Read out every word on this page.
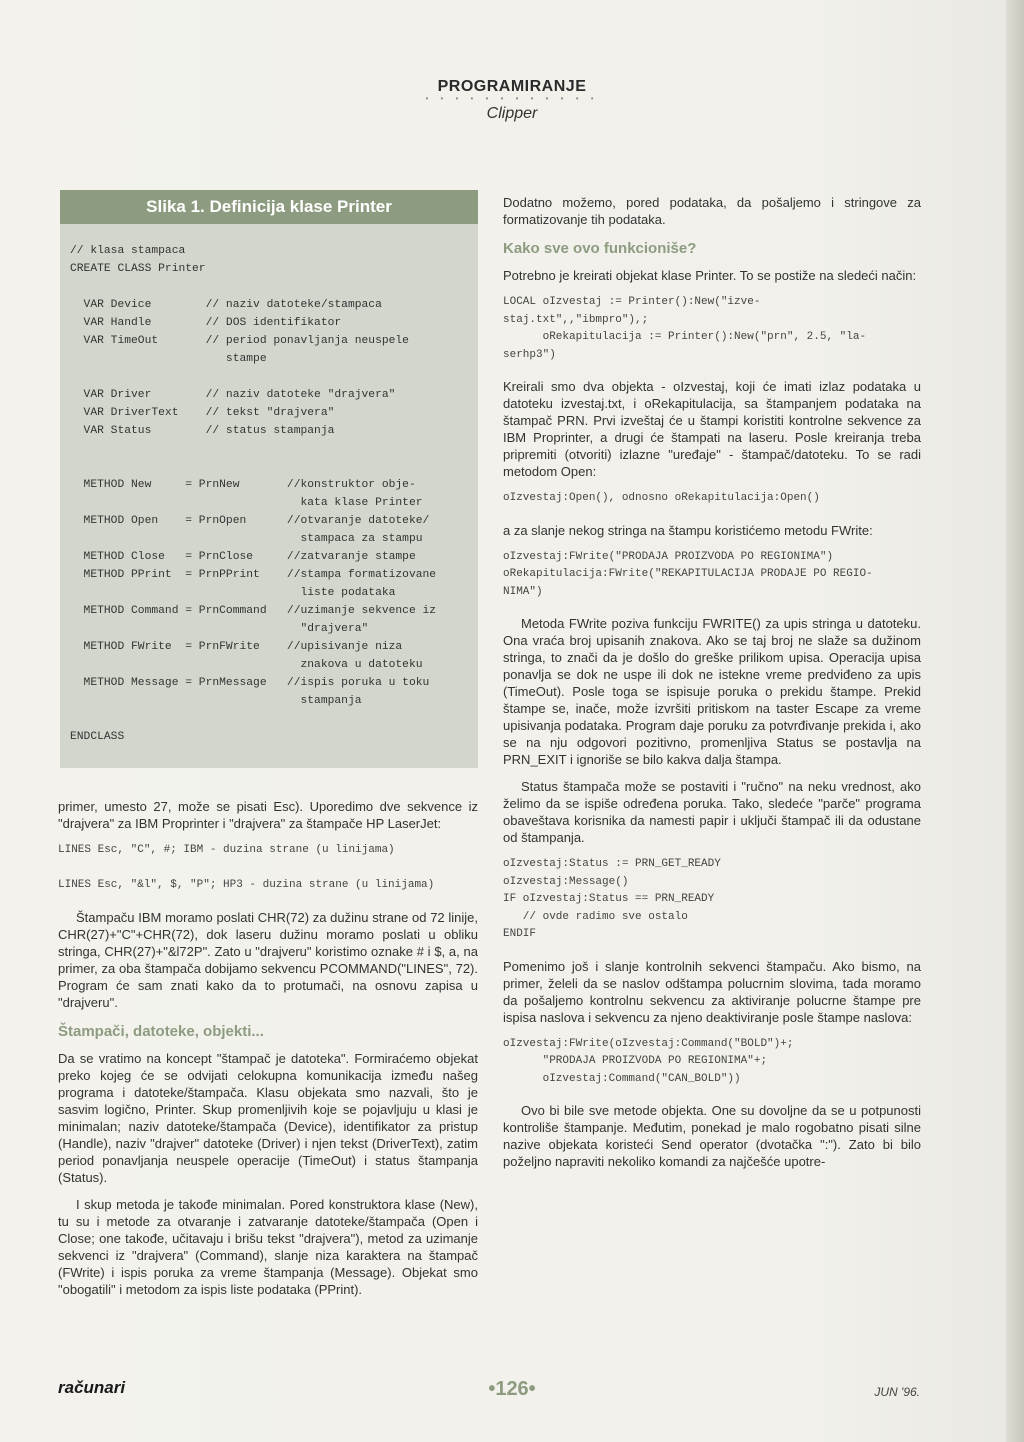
PROGRAMIRANJE
• • • • • • • • • • • •
Clipper
Slika 1. Definicija klase Printer
// klasa stampaca
CREATE CLASS Printer

VAR Device        // naziv datoteke/stampaca
VAR Handle        // DOS identifikator
VAR TimeOut       // period ponavljanja neuspele
stampe

VAR Driver        // naziv datoteke "drajvera"
VAR DriverText    // tekst "drajvera"
VAR Status        // status stampanja

METHOD New     = PrnNew       //konstruktor obje-
kata klase Printer
METHOD Open    = PrnOpen      //otvaranje datoteke/
stampaca za stampu
METHOD Close   = PrnClose     //zatvaranje stampe
METHOD PPrint  = PrnPPrint    //stampa formatizovane
liste podataka
METHOD Command = PrnCommand   //uzimanje sekvence iz
"drajvera"
METHOD FWrite  = PrnFWrite    //upisivanje niza
znakova u datoteku
METHOD Message = PrnMessage   //ispis poruka u toku
stampanja

ENDCLASS

primer, umesto 27, može se pisati Esc). Uporedimo dve sekvence iz "drajvera" za IBM Proprinter i "drajvera" za štampače HP LaserJet:

LINES Esc, "C", #; IBM - duzina strane (u linijama)

LINES Esc, "&l", $, "P"; HP3 - duzina strane (u linijama)

Štampaču IBM moramo poslati CHR(72) za dužinu strane od 72 linije, CHR(27)+"C"+CHR(72), dok laseru dužinu moramo poslati u obliku stringa, CHR(27)+"&l72P". Zato u "drajveru" koristimo oznake # i $, a, na primer, za oba štampača dobijamo sekvencu PCOMMAND("LINES", 72). Program će sam znati kako da to protumači, na osnovu zapisa u "drajveru".

Štampači, datoteke, objekti...

Da se vratimo na koncept "štampač je datoteka". Formiraćemo objekat preko kojeg će se odvijati celokupna komunikacija između našeg programa i datoteke/štampača. Klasu objekata smo nazvali, što je sasvim logično, Printer. Skup promenljivih koje se pojavljuju u klasi je minimalan; naziv datoteke/štampača (Device), identifikator za pristup (Handle), naziv "drajver" datoteke (Driver) i njen tekst (DriverText), zatim period ponavljanja neuspele operacije (TimeOut) i status štampanja (Status).

I skup metoda je takođe minimalan. Pored konstruktora klase (New), tu su i metode za otvaranje i zatvaranje datoteke/štampača (Open i Close; one takođe, učitavaju i brišu tekst "drajvera"), metod za uzimanje sekvenci iz "drajvera" (Command), slanje niza karaktera na štampač (FWrite) i ispis poruka za vreme štampanja (Message). Objekat smo "obogatili" i metodom za ispis liste podataka (PPrint).

Dodatno možemo, pored podataka, da pošaljemo i stringove za formatizovanje tih podataka.

Kako sve ovo funkcioniše?

Potrebno je kreirati objekat klase Printer. To se postiže na sledeći način:

LOCAL oIzvestaj := Printer():New("izve-
staj.txt",,"ibmpro"),;
oRekapitulacija := Printer():New("prn", 2.5, "la-
serhp3")

Kreirali smo dva objekta - oIzvestaj, koji će imati izlaz podataka u datoteku izvestaj.txt, i oRekapitulacija, sa štampanjem podataka na štampač PRN. Prvi izveštaj će u štampi koristiti kontrolne sekvence za IBM Proprinter, a drugi će štampati na laseru. Posle kreiranja treba pripremiti (otvoriti) izlazne "uređaje" - štampač/datoteku. To se radi metodom Open:

oIzvestaj:Open(), odnosno oRekapitulacija:Open()

a za slanje nekog stringa na štampu koristićemo metodu FWrite:

oIzvestaj:FWrite("PRODAJA PROIZVODA PO REGIONIMA")
oRekapitulacija:FWrite("REKAPITULACIJA PRODAJE PO REGIO-
NIMA")

Metoda FWrite poziva funkciju FWRITE() za upis stringa u datoteku. Ona vraća broj upisanih znakova. Ako se taj broj ne slaže sa dužinom stringa, to znači da je došlo do greške prilikom upisa. Operacija upisa ponavlja se dok ne uspe ili dok ne istekne vreme predviđeno za upis (TimeOut). Posle toga se ispisuje poruka o prekidu štampe. Prekid štampe se, inače, može izvršiti pritiskom na taster Escape za vreme upisivanja podataka. Program daje poruku za potvrđivanje prekida i, ako se na nju odgovori pozitivno, promenljiva Status se postavlja na PRN_EXIT i ignoriše se bilo kakva dalja štampa.

Status štampača može se postaviti i "ručno" na neku vrednost, ako želimo da se ispiše određena poruka. Tako, sledeće "parče" programa obaveštava korisnika da namesti papir i uključi štampač ili da odustane od štampanja.

oIzvestaj:Status := PRN_GET_READY
oIzvestaj:Message()
IF oIzvestaj:Status == PRN_READY
// ovde radimo sve ostalo
ENDIF

Pomenimo još i slanje kontrolnih sekvenci štampaču. Ako bismo, na primer, želeli da se naslov odštampa polucrnim slovima, tada moramo da pošaljemo kontrolnu sekvencu za aktiviranje polucrne štampe pre ispisa naslova i sekvencu za njeno deaktiviranje posle štampe naslova:

oIzvestaj:FWrite(oIzvestaj:Command("BOLD")+;
"PRODAJA PROIZVODA PO REGIONIMA"+;
oIzvestaj:Command("CAN_BOLD"))

Ovo bi bile sve metode objekta. One su dovoljne da se u potpunosti kontroliše štampanje. Međutim, ponekad je malo rogobatno pisati silne nazive objekata koristeći Send operator (dvotačka ":"). Zato bi bilo poželjno napraviti nekoliko komandi za najčešće upotre-

računari	•126•	JUN '96.
